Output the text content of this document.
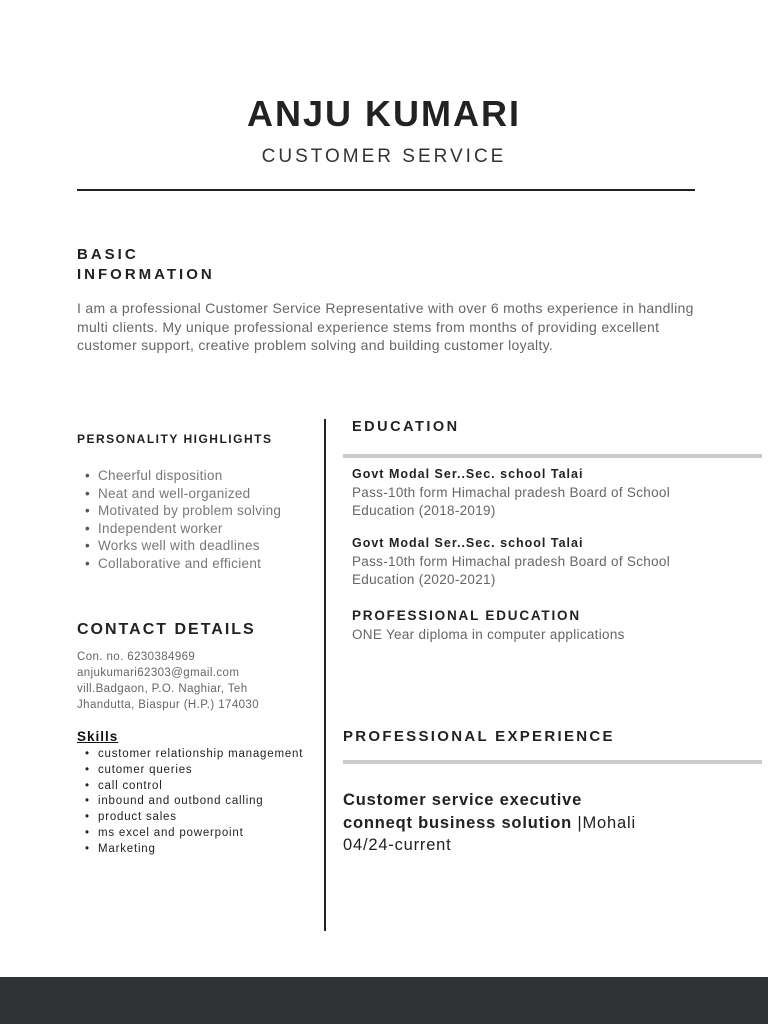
ANJU KUMARI
CUSTOMER SERVICE
BASIC
INFORMATION
I am a professional Customer Service Representative with over 6 moths experience in handling multi clients. My unique professional experience stems from months of providing excellent customer support, creative problem solving and building customer loyalty.
PERSONALITY HIGHLIGHTS
• Cheerful disposition
• Neat and well-organized
• Motivated by problem solving
• Independent worker
• Works well with deadlines
• Collaborative and efficient
CONTACT DETAILS
Con. no. 6230384969
anjukumari62303@gmail.com
vill.Badgaon, P.O. Naghiar, Teh
Jhandutta, Biaspur (H.P.) 174030
Skills
• customer relationship management
• cutomer queries
• call control
• inbound and outbond calling
• product sales
• ms excel and powerpoint
• Marketing
EDUCATION
Govt Modal Ser..Sec. school Talai
Pass-10th form Himachal pradesh Board of School Education (2018-2019)
Govt Modal Ser..Sec. school Talai
Pass-10th form Himachal pradesh Board of School Education (2020-2021)
PROFESSIONAL EDUCATION
ONE Year diploma in computer applications
PROFESSIONAL EXPERIENCE
Customer service executive
conneqt business solution |Mohali
04/24-current
